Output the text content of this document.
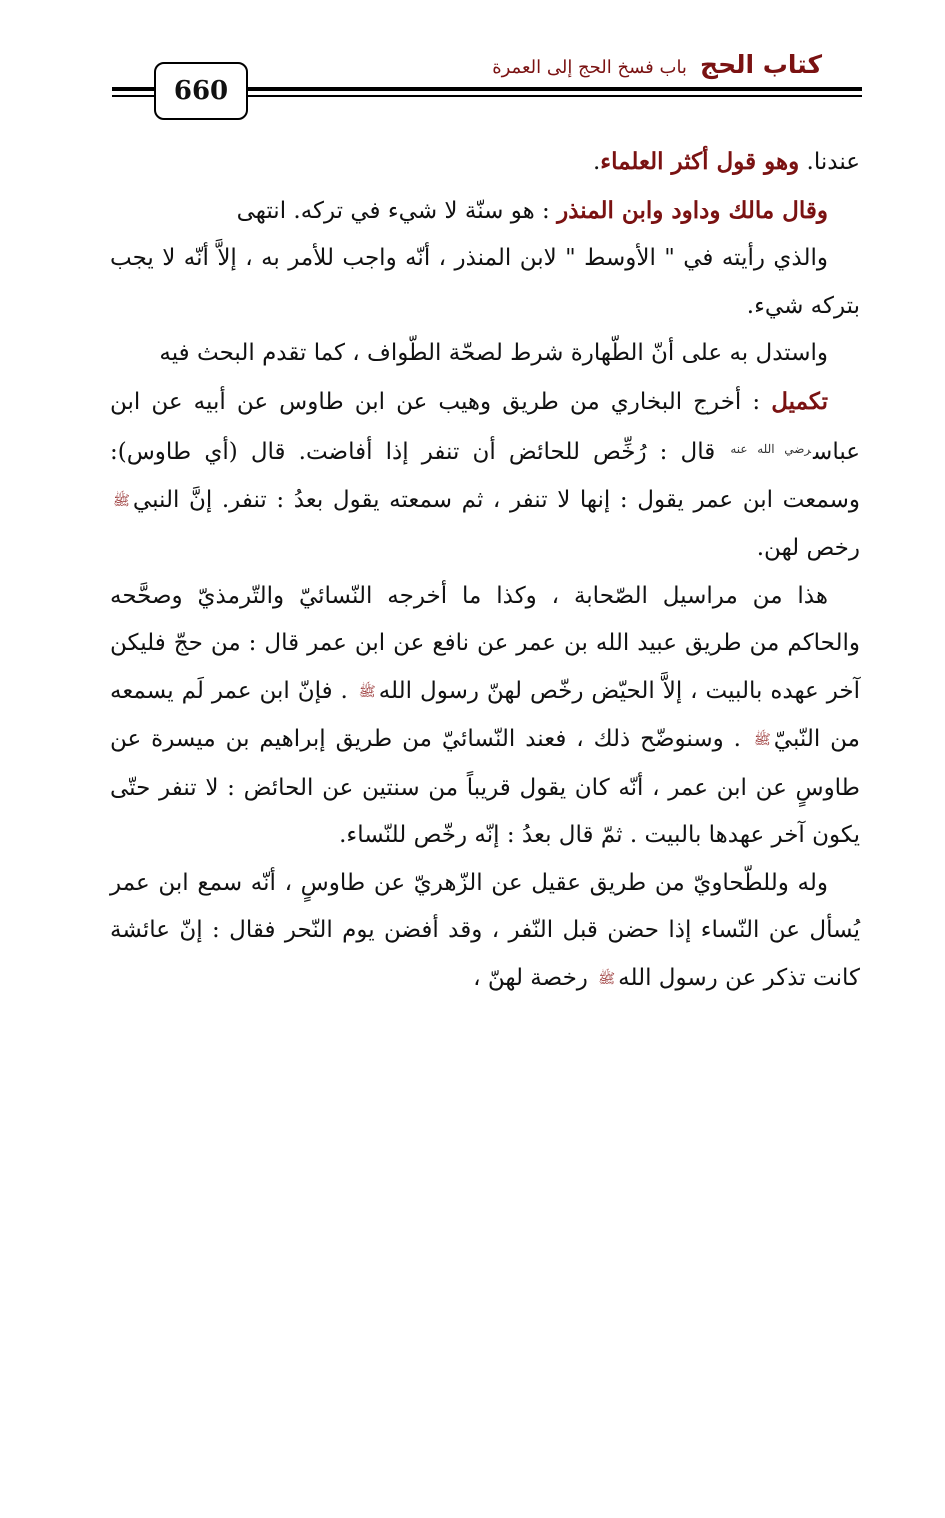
كتاب الحج باب فسخ الحج إلى العمرة
660

عندنا. وهو قول أكثر العلماء.

وقال مالك وداود وابن المنذر : هو سنّة لا شيء في تركه. انتهى

والذي رأيته في " الأوسط " لابن المنذر ، أنّه واجب للأمر به ، إلاَّ أنّه لا يجب بتركه شيء.

واستدل به على أنّ الطّهارة شرط لصحّة الطّواف ، كما تقدم البحث فيه

تكميل : أخرج البخاري من طريق وهيب عن ابن طاوس عن أبيه عن ابن عباس$^{رضي الله عنه}$ قال : رُخِّص للحائض أن تنفر إذا أفاضت. قال (أي طاوس): وسمعت ابن عمر يقول : إنها لا تنفر ، ثم سمعته يقول بعدُ : تنفر. إنَّ النبيﷺ رخص لهن.

هذا من مراسيل الصّحابة ، وكذا ما أخرجه النّسائيّ والتّرمذيّ وصحَّحه والحاكم من طريق عبيد الله بن عمر عن نافع عن ابن عمر قال : من حجّ فليكن آخر عهده بالبيت ، إلاَّ الحيّض رخّص لهنّ رسول اللهﷺ . فإنّ ابن عمر لَم يسمعه من النّبيّﷺ . وسنوضّح ذلك ، فعند النّسائيّ من طريق إبراهيم بن ميسرة عن طاوسٍ عن ابن عمر ، أنّه كان يقول قريباً من سنتين عن الحائض : لا تنفر حتّى يكون آخر عهدها بالبيت . ثمّ قال بعدُ : إنّه رخّص للنّساء.

وله وللطّحاويّ من طريق عقيل عن الزّهريّ عن طاوسٍ ، أنّه سمع ابن عمر يُسأل عن النّساء إذا حضن قبل النّفر ، وقد أفضن يوم النّحر فقال : إنّ عائشة كانت تذكر عن رسول اللهﷺ رخصة لهنّ ،
